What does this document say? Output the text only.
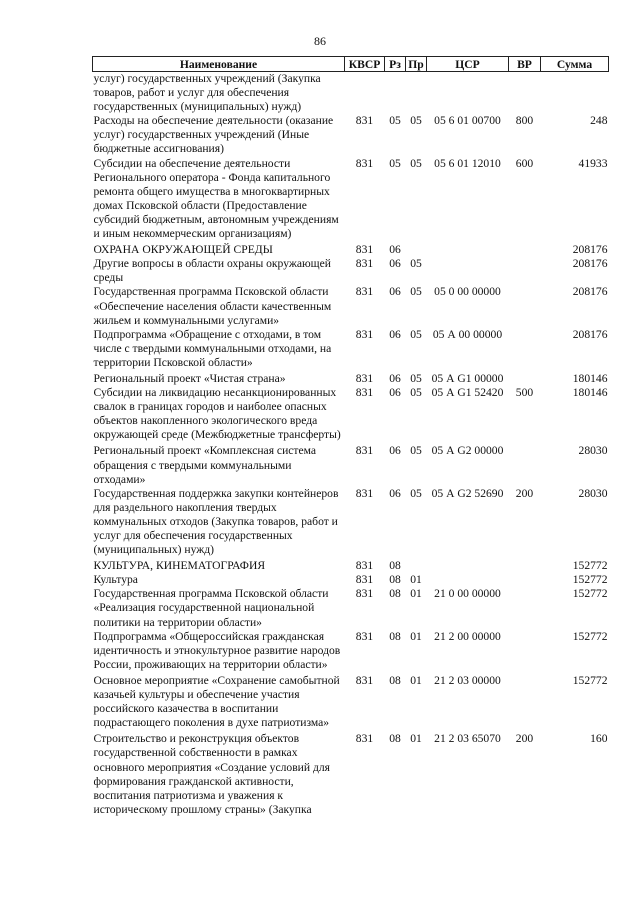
86
Наименование	КВСР	Рз	Пр	ЦСР	ВР	Сумма
услуг) государственных учреждений (Закупка товаров, работ и услуг для обеспечения государственных (муниципальных) нужд)						
Расходы на обеспечение деятельности (оказание услуг) государственных учреждений (Иные бюджетные ассигнования)	831	05	05	05 6 01 00700	800	248
Субсидии на обеспечение деятельности Регионального оператора - Фонда капитального ремонта общего имущества в многоквартирных домах Псковской области (Предоставление субсидий бюджетным, автономным учреждениям и иным некоммерческим организациям)	831	05	05	05 6 01 12010	600	41933
ОХРАНА ОКРУЖАЮЩЕЙ СРЕДЫ	831	06				208176
Другие вопросы в области охраны окружающей среды	831	06	05			208176
Государственная программа Псковской области «Обеспечение населения области качественным жильем и коммунальными услугами»	831	06	05	05 0 00 00000		208176
Подпрограмма «Обращение с отходами, в том числе с твердыми коммунальными отходами, на территории Псковской области»	831	06	05	05 А 00 00000		208176
Региональный проект «Чистая страна»	831	06	05	05 А G1 00000		180146
Субсидии на ликвидацию несанкционированных свалок в границах городов и наиболее опасных объектов накопленного экологического вреда окружающей среде (Межбюджетные трансферты)	831	06	05	05 А G1 52420	500	180146
Региональный проект «Комплексная система обращения с твердыми коммунальными отходами»	831	06	05	05 А G2 00000		28030
Государственная поддержка закупки контейнеров для раздельного накопления твердых коммунальных отходов (Закупка товаров, работ и услуг для обеспечения государственных (муниципальных) нужд)	831	06	05	05 А G2 52690	200	28030
КУЛЬТУРА, КИНЕМАТОГРАФИЯ	831	08				152772
Культура	831	08	01			152772
Государственная программа Псковской области «Реализация государственной национальной политики на территории области»	831	08	01	21 0 00 00000		152772
Подпрограмма «Общероссийская гражданская идентичность и этнокультурное развитие народов России, проживающих на территории области»	831	08	01	21 2 00 00000		152772
Основное мероприятие «Сохранение самобытной казачьей культуры и обеспечение участия российского казачества в воспитании подрастающего поколения в духе патриотизма»	831	08	01	21 2 03 00000		152772
Строительство и реконструкция объектов государственной собственности в рамках основного мероприятия «Создание условий для формирования гражданской активности, воспитания патриотизма и уважения к историческому прошлому страны» (Закупка	831	08	01	21 2 03 65070	200	160
